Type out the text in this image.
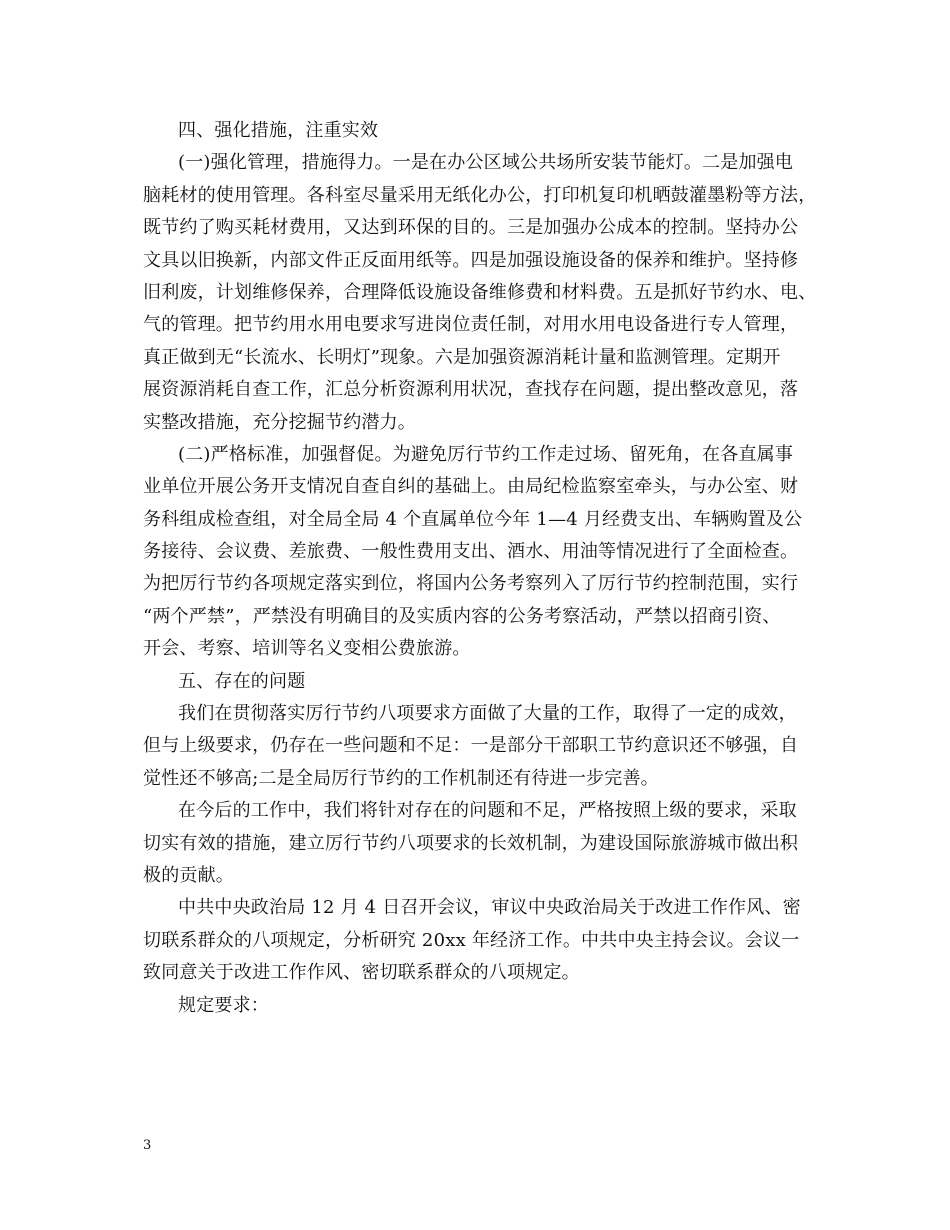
四、强化措施，注重实效
(一)强化管理，措施得力。一是在办公区域公共场所安装节能灯。二是加强电
脑耗材的使用管理。各科室尽量采用无纸化办公，打印机复印机晒鼓灌墨粉等方法，
既节约了购买耗材费用，又达到环保的目的。三是加强办公成本的控制。坚持办公
文具以旧换新，内部文件正反面用纸等。四是加强设施设备的保养和维护。坚持修
旧利废，计划维修保养，合理降低设施设备维修费和材料费。五是抓好节约水、电、
气的管理。把节约用水用电要求写进岗位责任制，对用水用电设备进行专人管理，
真正做到无“长流水、长明灯”现象。六是加强资源消耗计量和监测管理。定期开
展资源消耗自查工作，汇总分析资源利用状况，查找存在问题，提出整改意见，落
实整改措施，充分挖掘节约潜力。
(二)严格标准，加强督促。为避免厉行节约工作走过场、留死角，在各直属事
业单位开展公务开支情况自查自纠的基础上。由局纪检监察室牵头，与办公室、财
务科组成检查组，对全局全局 4 个直属单位今年 1—4 月经费支出、车辆购置及公
务接待、会议费、差旅费、一般性费用支出、酒水、用油等情况进行了全面检查。
为把厉行节约各项规定落实到位，将国内公务考察列入了厉行节约控制范围，实行
“两个严禁”，严禁没有明确目的及实质内容的公务考察活动，严禁以招商引资、
开会、考察、培训等名义变相公费旅游。
五、存在的问题
我们在贯彻落实厉行节约八项要求方面做了大量的工作，取得了一定的成效，
但与上级要求，仍存在一些问题和不足：一是部分干部职工节约意识还不够强，自
觉性还不够高;二是全局厉行节约的工作机制还有待进一步完善。
在今后的工作中，我们将针对存在的问题和不足，严格按照上级的要求，采取
切实有效的措施，建立厉行节约八项要求的长效机制，为建设国际旅游城市做出积
极的贡献。
中共中央政治局 12 月 4 日召开会议，审议中央政治局关于改进工作作风、密
切联系群众的八项规定，分析研究 20xx 年经济工作。中共中央主持会议。会议一
致同意关于改进工作作风、密切联系群众的八项规定。
规定要求：
3
